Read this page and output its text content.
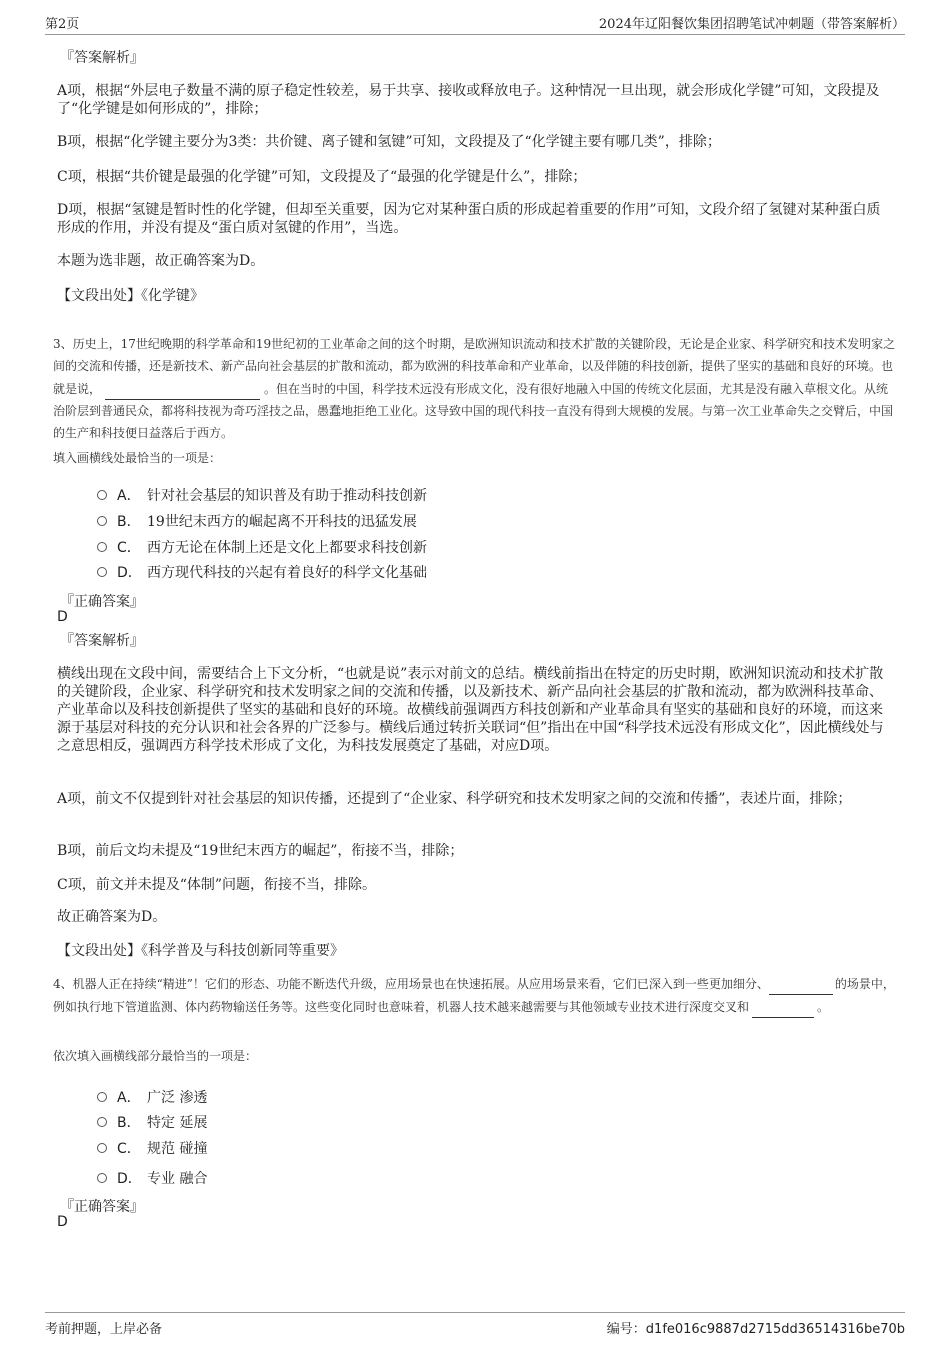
第2页	2024年辽阳餐饮集团招聘笔试冲刺题（带答案解析）
『答案解析』
A项，根据“外层电子数量不满的原子稳定性较差，易于共享、接收或释放电子。这种情况一旦出现，就会形成化学键”可知，文段提及了“化学键是如何形成的”，排除；
B项，根据“化学键主要分为3类：共价键、离子键和氢键”可知，文段提及了“化学键主要有哪几类”，排除；
C项，根据“共价键是最强的化学键”可知，文段提及了“最强的化学键是什么”，排除；
D项，根据“氢键是暂时性的化学键，但却至关重要，因为它对某种蛋白质的形成起着重要的作用”可知，文段介绍了氢键对某种蛋白质形成的作用，并没有提及“蛋白质对氢键的作用”，当选。
本题为选非题，故正确答案为D。
【文段出处】《化学键》
3、历史上，17世纪晚期的科学革命和19世纪初的工业革命之间的这个时期，是欧洲知识流动和技术扩散的关键阶段，无论是企业家、科学研究和技术发明家之间的交流和传播，还是新技术、新产品向社会基层的扩散和流动，都为欧洲的科技革命和产业革命，以及伴随的科技创新，提供了坚实的基础和良好的环境。也就是说，	。但在当时的中国，科学技术远没有形成文化，没有很好地融入中国的传统文化层面，尤其是没有融入草根文化。从统治阶层到普通民众，都将科技视为奇巧淫技之品，愚蠢地拒绝工业化。这导致中国的现代科技一直没有得到大规模的发展。与第一次工业革命失之交臂后，中国的生产和科技便日益落后于西方。
填入画横线处最恰当的一项是：
A． 针对社会基层的知识普及有助于推动科技创新
B． 19世纪末西方的崛起离不开科技的迅猛发展
C． 西方无论在体制上还是文化上都要求科技创新
D． 西方现代科技的兴起有着良好的科学文化基础
『正确答案』
D
『答案解析』
横线出现在文段中间，需要结合上下文分析，“也就是说”表示对前文的总结。横线前指出在特定的历史时期，欧洲知识流动和技术扩散的关键阶段，企业家、科学研究和技术发明家之间的交流和传播，以及新技术、新产品向社会基层的扩散和流动，都为欧洲科技革命、产业革命以及科技创新提供了坚实的基础和良好的环境。故横线前强调西方科技创新和产业革命具有坚实的基础和良好的环境，而这来源于基层对科技的充分认识和社会各界的广泛参与。横线后通过转折关联词“但”指出在中国“科学技术远没有形成文化”，因此横线处与之意思相反，强调西方科学技术形成了文化，为科技发展奠定了基础，对应D项。
A项，前文不仅提到针对社会基层的知识传播，还提到了“企业家、科学研究和技术发明家之间的交流和传播”，表述片面，排除；
B项，前后文均未提及“19世纪末西方的崛起”，衔接不当，排除；
C项，前文并未提及“体制”问题，衔接不当，排除。
故正确答案为D。
【文段出处】《科学普及与科技创新同等重要》
4、机器人正在持续“精进”！它们的形态、功能不断迭代升级，应用场景也在快速拓展。从应用场景来看，它们已深入到一些更加细分、	的场景中，例如执行地下管道监测、体内药物输送任务等。这些变化同时也意味着，机器人技术越来越需要与其他领域专业技术进行深度交叉和	。
依次填入画横线部分最恰当的一项是：
A． 广泛 渗透
B． 特定 延展
C． 规范 碰撞
D． 专业 融合
『正确答案』
D
考前押题，上岸必备	编号：d1fe016c9887d2715dd36514316be70b
